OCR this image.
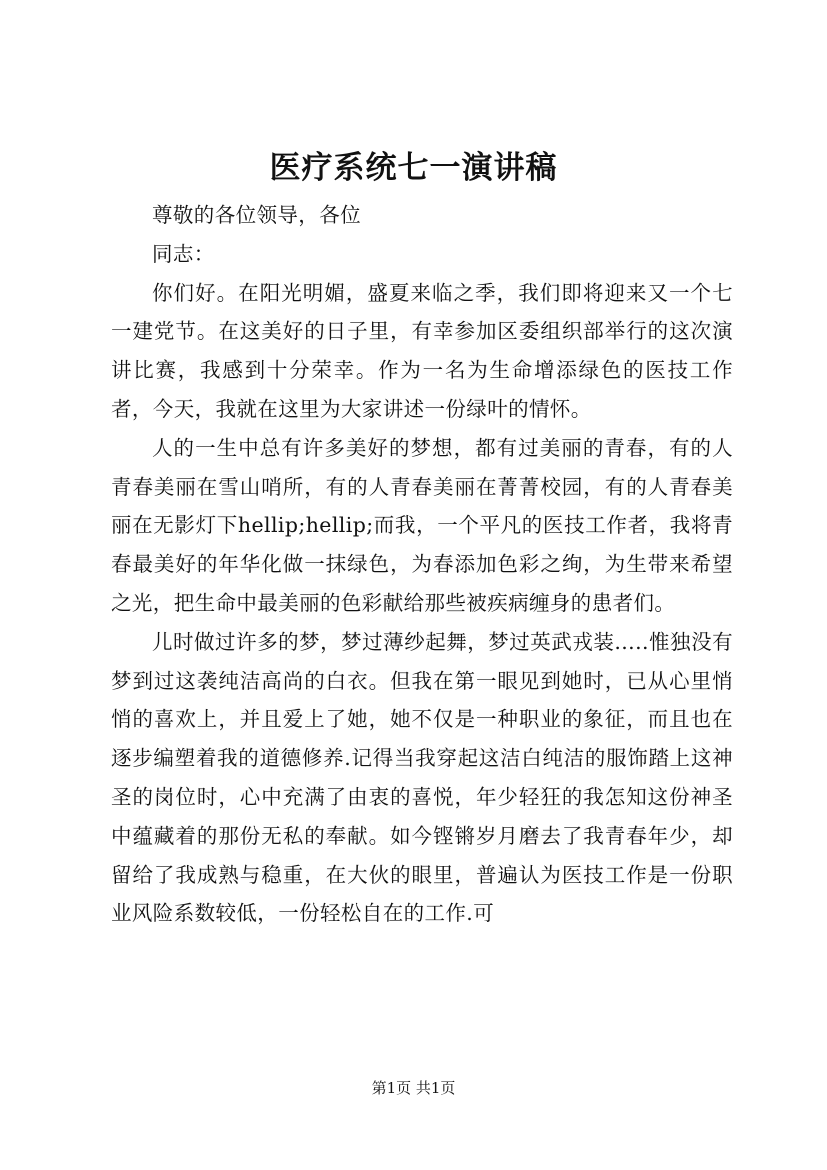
医疗系统七一演讲稿

尊敬的各位领导，各位

同志：

你们好。在阳光明媚，盛夏来临之季，我们即将迎来又一个七一建党节。在这美好的日子里，有幸参加区委组织部举行的这次演讲比赛，我感到十分荣幸。作为一名为生命增添绿色的医技工作者，今天，我就在这里为大家讲述一份绿叶的情怀。

人的一生中总有许多美好的梦想，都有过美丽的青春，有的人青春美丽在雪山哨所，有的人青春美丽在菁菁校园，有的人青春美丽在无影灯下hellip;hellip;而我，一个平凡的医技工作者，我将青春最美好的年华化做一抹绿色，为春添加色彩之绚，为生带来希望之光，把生命中最美丽的色彩献给那些被疾病缠身的患者们。

儿时做过许多的梦，梦过薄纱起舞，梦过英武戎装.....惟独没有梦到过这袭纯洁高尚的白衣。但我在第一眼见到她时，已从心里悄悄的喜欢上，并且爱上了她，她不仅是一种职业的象征，而且也在逐步编塑着我的道德修养.记得当我穿起这洁白纯洁的服饰踏上这神圣的岗位时，心中充满了由衷的喜悦，年少轻狂的我怎知这份神圣中蕴藏着的那份无私的奉献。如今铿锵岁月磨去了我青春年少，却留给了我成熟与稳重，在大伙的眼里，普遍认为医技工作是一份职业风险系数较低，一份轻松自在的工作.可

第1页 共1页
